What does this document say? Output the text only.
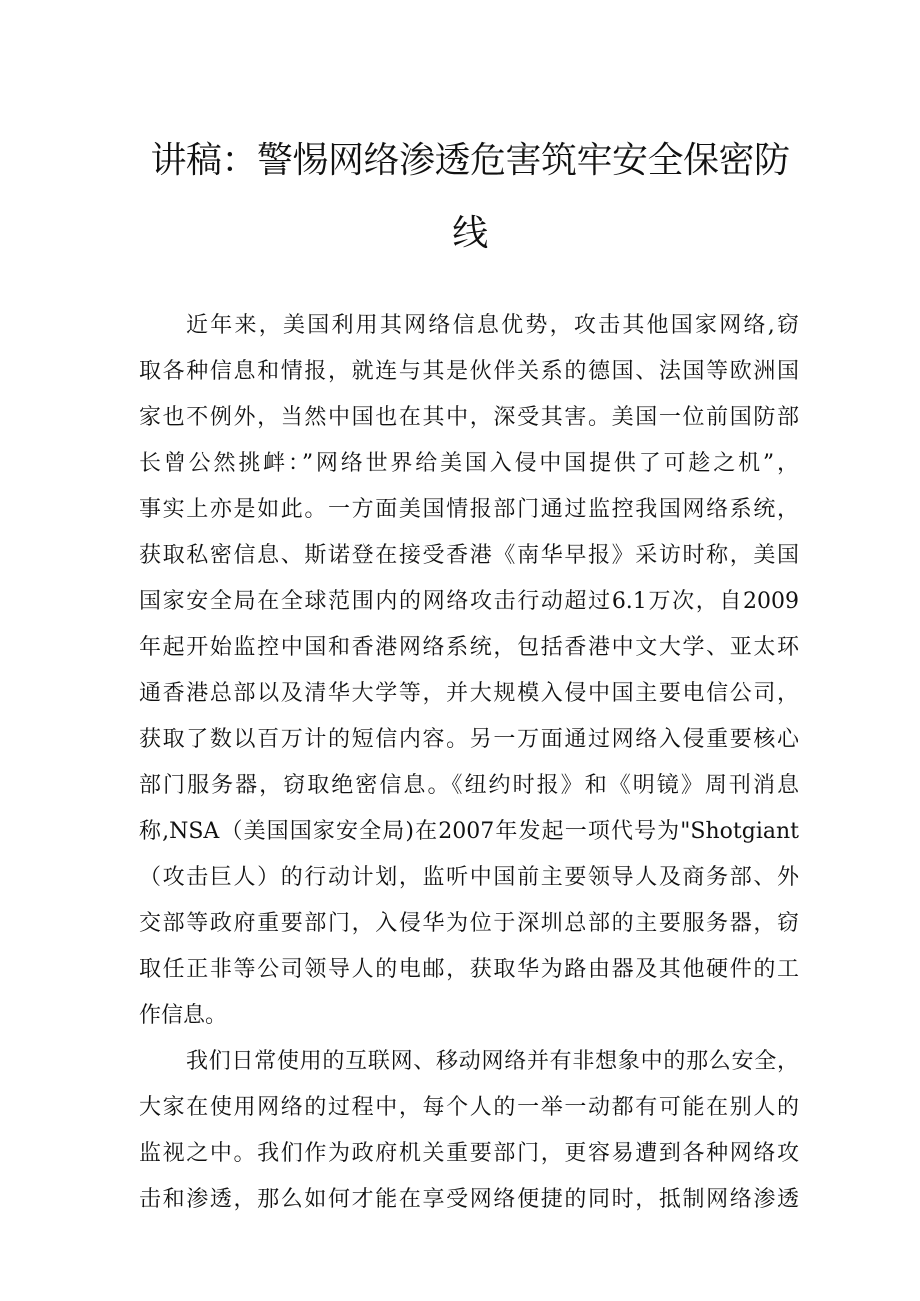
讲稿：警惕网络渗透危害筑牢安全保密防
线
近年来，美国利用其网络信息优势，攻击其他国家网络,窃
取各种信息和情报，就连与其是伙伴关系的德国、法国等欧洲国
家也不例外，当然中国也在其中，深受其害。美国一位前国防部
长曾公然挑衅：”网络世界给美国入侵中国提供了可趁之机”，
事实上亦是如此。一方面美国情报部门通过监控我国网络系统，
获取私密信息、斯诺登在接受香港《南华早报》采访时称，美国
国家安全局在全球范围内的网络攻击行动超过6.1万次，自2009
年起开始监控中国和香港网络系统，包括香港中文大学、亚太环
通香港总部以及清华大学等，并大规模入侵中国主要电信公司，
获取了数以百万计的短信内容。另一万面通过网络入侵重要核心
部门服务器，窃取绝密信息。《纽约时报》和《明镜》周刊消息
称,NSA（美国国家安全局)在2007年发起一项代号为"Shotgiant
（攻击巨人）的行动计划，监听中国前主要领导人及商务部、外
交部等政府重要部门，入侵华为位于深圳总部的主要服务器，窃
取任正非等公司领导人的电邮，获取华为路由器及其他硬件的工
作信息。
我们日常使用的互联网、移动网络并有非想象中的那么安全，
大家在使用网络的过程中，每个人的一举一动都有可能在别人的
监视之中。我们作为政府机关重要部门，更容易遭到各种网络攻
击和渗透，那么如何才能在享受网络便捷的同时，抵制网络渗透
